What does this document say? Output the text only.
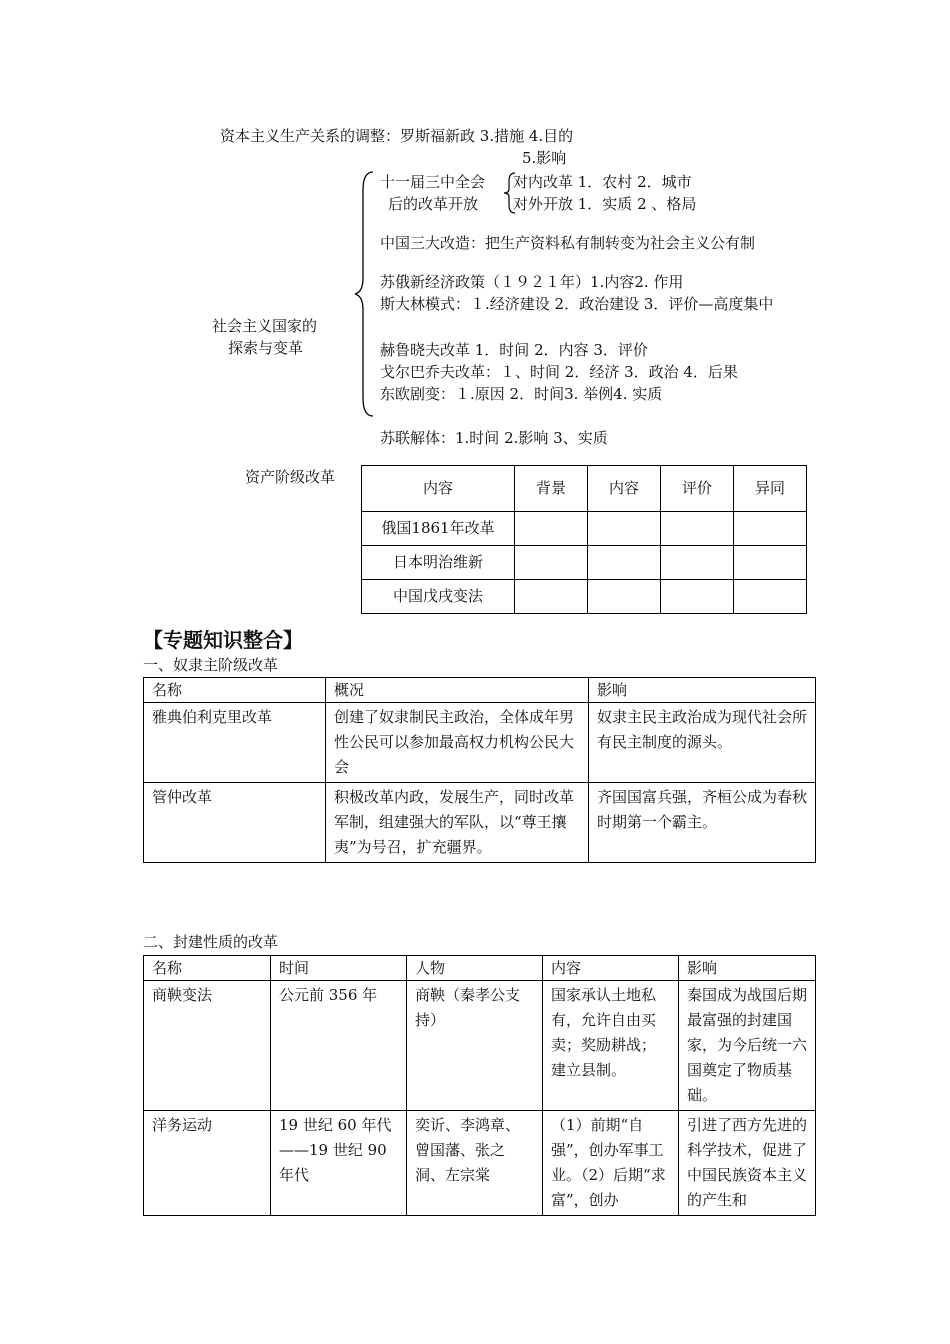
资本主义生产关系的调整：罗斯福新政 3.措施 4.目的
5.影响
社会主义国家的
探索与变革
十一届三中全会
后的改革开放
对内改革 1．农村 2．城市
对外开放 1．实质 2 、格局
中国三大改造：把生产资料私有制转变为社会主义公有制
苏俄新经济政策（１９２１年）1.内容2. 作用
斯大林模式：１.经济建设 2．政治建设 3．评价—高度集中
赫鲁晓夫改革 1．时间 2．内容 3．评价
戈尔巴乔夫改革：１、时间 2．经济 3．政治 4．后果
东欧剧变：１.原因 2．时间3. 举例4. 实质
苏联解体：1.时间 2.影响 3、实质
资产阶级改革
内容	背景	内容	评价	异同
俄国1861年改革				
日本明治维新				
中国戊戌变法				
【专题知识整合】
一、奴隶主阶级改革
名称	概况	影响
雅典伯利克里改革	创建了奴隶制民主政治，全体成年男性公民可以参加最高权力机构公民大会	奴隶主民主政治成为现代社会所有民主制度的源头。
管仲改革	积极改革内政，发展生产，同时改革军制，组建强大的军队，以“尊王攘夷”为号召，扩充疆界。	齐国国富兵强，齐桓公成为春秋时期第一个霸主。
二、封建性质的改革
名称	时间	人物	内容	影响
商鞅变法	公元前 356 年	商鞅（秦孝公支持）	国家承认土地私有，允许自由买卖；奖励耕战；建立县制。	秦国成为战国后期最富强的封建国家，为今后统一六国奠定了物质基础。
洋务运动	19 世纪 60 年代——19 世纪 90 年代	奕䜣、李鸿章、曾国藩、张之洞、左宗棠	（1）前期“自强”，创办军事工业。（2）后期“求富”，创办	引进了西方先进的科学技术，促进了中国民族资本主义的产生和
